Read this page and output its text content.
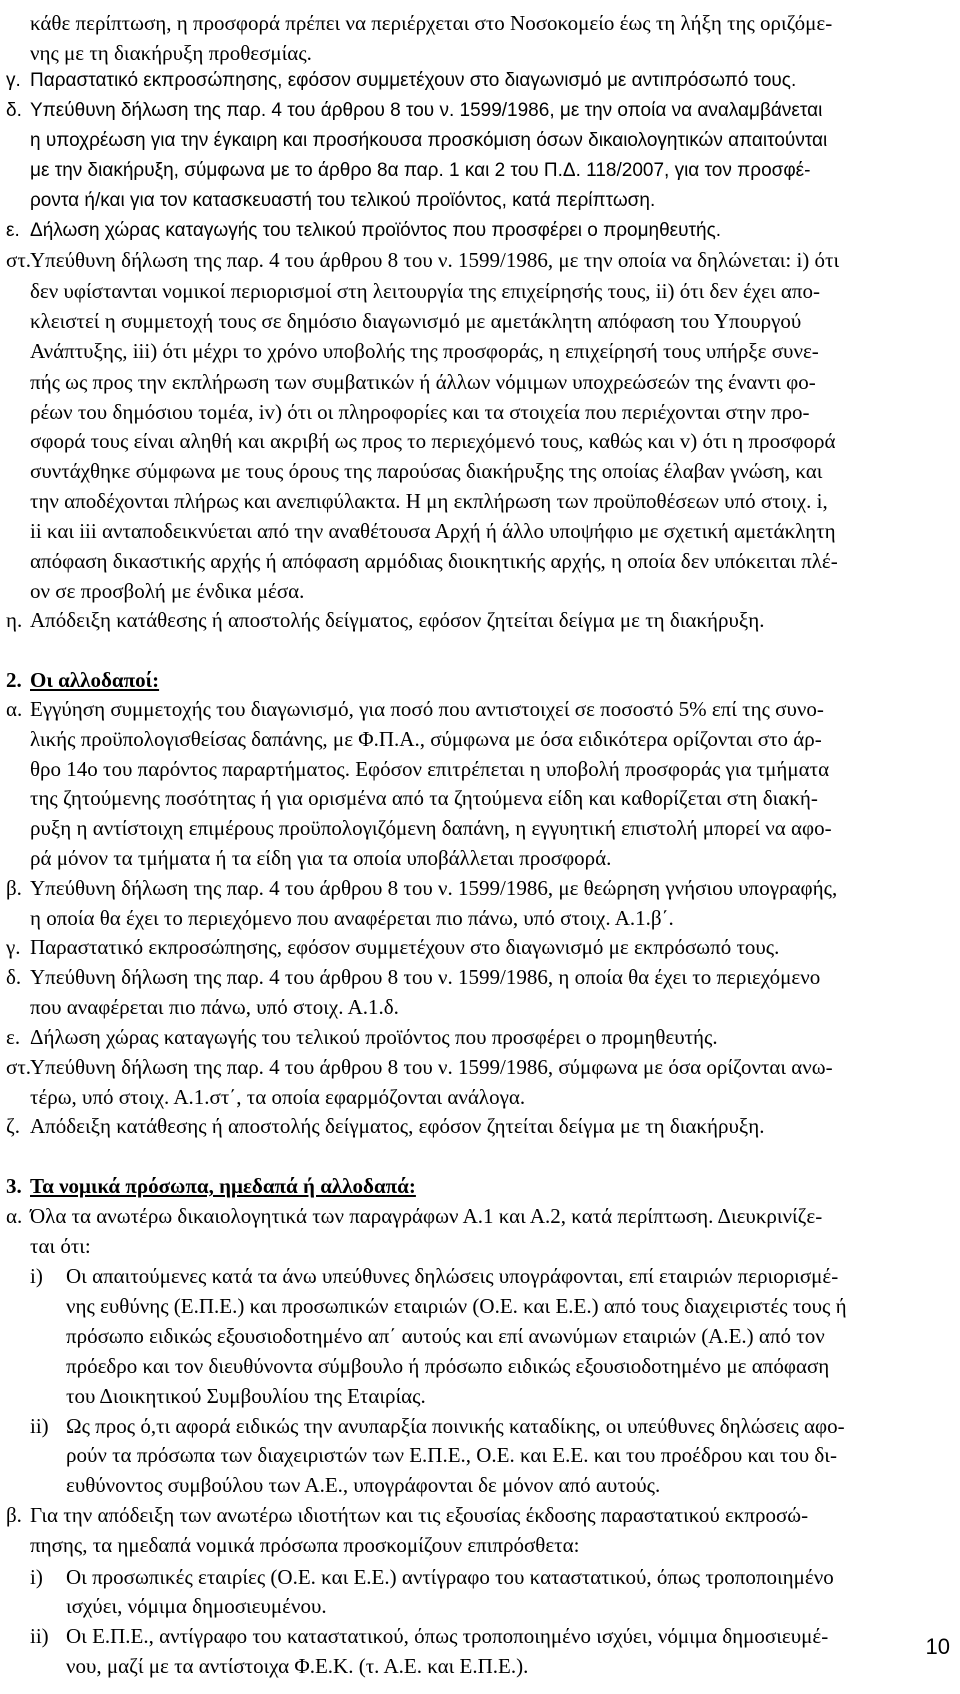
κάθε περίπτωση, η προσφορά πρέπει να περιέρχεται στο Νοσοκομείο έως τη λήξη της οριζόμε-
νης με τη διακήρυξη προθεσμίας.
γ. Παραστατικό εκπροσώπησης, εφόσον συμμετέχουν στο διαγωνισμό με αντιπρόσωπό τους.
δ. Υπεύθυνη δήλωση της παρ. 4 του άρθρου 8 του ν. 1599/1986, με την οποία να αναλαμβάνεται
η υποχρέωση για την έγκαιρη και προσήκουσα προσκόμιση όσων δικαιολογητικών απαιτούνται
με την διακήρυξη, σύμφωνα με το άρθρο 8α παρ. 1 και 2 του Π.Δ. 118/2007, για τον προσφέ-
ροντα ή/και για τον κατασκευαστή του τελικού προϊόντος, κατά περίπτωση.
ε. Δήλωση χώρας καταγωγής του τελικού προϊόντος που προσφέρει ο προμηθευτής.
στ.
Υπεύθυνη δήλωση της παρ. 4 του άρθρου 8 του ν. 1599/1986, με την οποία να δηλώνεται: i) ότι
δεν υφίστανται νομικοί περιορισμοί στη λειτουργία της επιχείρησής τους, ii) ότι δεν έχει απο-
κλειστεί η συμμετοχή τους σε δημόσιο διαγωνισμό με αμετάκλητη απόφαση του Υπουργού
Ανάπτυξης, iii) ότι μέχρι το χρόνο υποβολής της προσφοράς, η επιχείρησή τους υπήρξε συνε-
πής ως προς την εκπλήρωση των συμβατικών ή άλλων νόμιμων υποχρεώσεών της έναντι φο-
ρέων του δημόσιου τομέα, iv) ότι οι πληροφορίες και τα στοιχεία που περιέχονται στην προ-
σφορά τους είναι αληθή και ακριβή ως προς το περιεχόμενό τους, καθώς και v) ότι η προσφορά
συντάχθηκε σύμφωνα με τους όρους της παρούσας διακήρυξης της οποίας έλαβαν γνώση, και
την αποδέχονται πλήρως και ανεπιφύλακτα. Η μη εκπλήρωση των προϋποθέσεων υπό στοιχ. i,
ii και iii ανταποδεικνύεται από την αναθέτουσα Αρχή ή άλλο υποψήφιο με σχετική αμετάκλητη
απόφαση δικαστικής αρχής ή απόφαση αρμόδιας διοικητικής αρχής, η οποία δεν υπόκειται πλέ-
ον σε προσβολή με ένδικα μέσα.
η. Απόδειξη κατάθεσης ή αποστολής δείγματος, εφόσον ζητείται δείγμα με τη διακήρυξη.
2. Οι αλλοδαποί:
α. Εγγύηση συμμετοχής του διαγωνισμό, για ποσό που αντιστοιχεί σε ποσοστό 5% επί της συνο-
λικής προϋπολογισθείσας δαπάνης, με Φ.Π.Α., σύμφωνα με όσα ειδικότερα ορίζονται στο άρ-
θρο 14ο του παρόντος παραρτήματος. Εφόσον επιτρέπεται η υποβολή προσφοράς για τμήματα
της ζητούμενης ποσότητας ή για ορισμένα από τα ζητούμενα είδη και καθορίζεται στη διακή-
ρυξη η αντίστοιχη επιμέρους προϋπολογιζόμενη δαπάνη, η εγγυητική επιστολή μπορεί να αφο-
ρά μόνον τα τμήματα ή τα είδη για τα οποία υποβάλλεται προσφορά.
β. Υπεύθυνη δήλωση της παρ. 4 του άρθρου 8 του ν. 1599/1986, με θεώρηση γνήσιου υπογραφής,
η οποία θα έχει το περιεχόμενο που αναφέρεται πιο πάνω, υπό στοιχ. Α.1.β΄.
γ. Παραστατικό εκπροσώπησης, εφόσον συμμετέχουν στο διαγωνισμό με εκπρόσωπό τους.
δ. Υπεύθυνη δήλωση της παρ. 4 του άρθρου 8 του ν. 1599/1986, η οποία θα έχει το περιεχόμενο
που αναφέρεται πιο πάνω, υπό στοιχ. Α.1.δ.
ε. Δήλωση χώρας καταγωγής του τελικού προϊόντος που προσφέρει ο προμηθευτής.
στ.
Υπεύθυνη δήλωση της παρ. 4 του άρθρου 8 του ν. 1599/1986, σύμφωνα με όσα ορίζονται ανω-
τέρω, υπό στοιχ. Α.1.στ΄, τα οποία εφαρμόζονται ανάλογα.
ζ. Απόδειξη κατάθεσης ή αποστολής δείγματος, εφόσον ζητείται δείγμα με τη διακήρυξη.
3. Τα νομικά πρόσωπα, ημεδαπά ή αλλοδαπά:
α. Όλα τα ανωτέρω δικαιολογητικά των παραγράφων Α.1 και Α.2, κατά περίπτωση. Διευκρινίζε-
ται ότι:
i) Οι απαιτούμενες κατά τα άνω υπεύθυνες δηλώσεις υπογράφονται, επί εταιριών περιορισμέ-
νης ευθύνης (Ε.Π.Ε.) και προσωπικών εταιριών (Ο.Ε. και Ε.Ε.) από τους διαχειριστές τους ή
πρόσωπο ειδικώς εξουσιοδοτημένο απ΄ αυτούς και επί ανωνύμων εταιριών (Α.Ε.) από τον
πρόεδρο και τον διευθύνοντα σύμβουλο ή πρόσωπο ειδικώς εξουσιοδοτημένο με απόφαση
του Διοικητικού Συμβουλίου της Εταιρίας.
ii) Ως προς ό,τι αφορά ειδικώς την ανυπαρξία ποινικής καταδίκης, οι υπεύθυνες δηλώσεις αφο-
ρούν τα πρόσωπα των διαχειριστών των Ε.Π.Ε., Ο.Ε. και Ε.Ε. και του προέδρου και του δι-
ευθύνοντος συμβούλου των Α.Ε., υπογράφονται δε μόνον από αυτούς.
β. Για την απόδειξη των ανωτέρω ιδιοτήτων και τις εξουσίας έκδοσης παραστατικού εκπροσώ-
πησης, τα ημεδαπά νομικά πρόσωπα προσκομίζουν επιπρόσθετα:
i) Οι προσωπικές εταιρίες (Ο.Ε. και Ε.Ε.) αντίγραφο του καταστατικού, όπως τροποποιημένο
ισχύει, νόμιμα δημοσιευμένου.
ii) Οι Ε.Π.Ε., αντίγραφο του καταστατικού, όπως τροποποιημένο ισχύει, νόμιμα δημοσιευμέ-
νου, μαζί με τα αντίστοιχα Φ.Ε.Κ. (τ. Α.Ε. και Ε.Π.Ε.).
10
